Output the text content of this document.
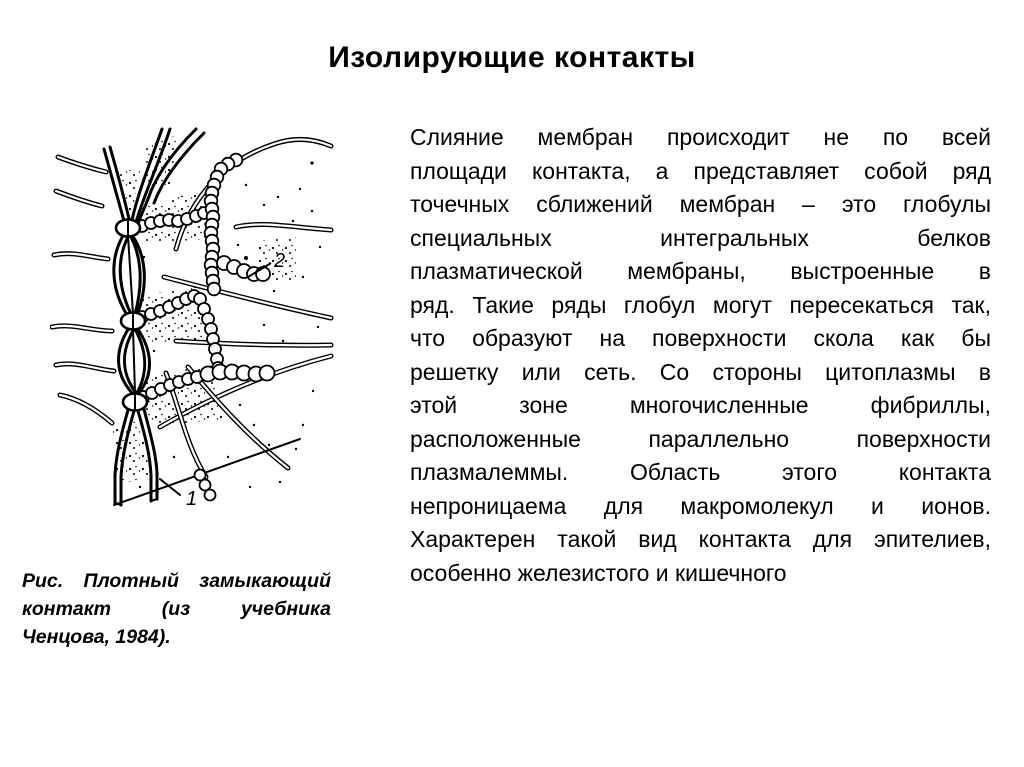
Изолирующие контакты
2
1
Рис. Плотный замыкающий
контакт (из учебника
Ченцова, 1984).
Слияние мембран происходит не по всей
площади контакта, а представляет собой ряд
точечных сближений мембран – это глобулы
специальных интегральных белков
плазматической мембраны, выстроенные в
ряд. Такие ряды глобул могут пересекаться так,
что образуют на поверхности скола как бы
решетку или сеть. Со стороны цитоплазмы в
этой зоне многочисленные фибриллы,
расположенные параллельно поверхности
плазмалеммы. Область этого контакта
непроницаема для макромолекул и ионов.
Характерен такой вид контакта для эпителиев,
особенно железистого и кишечного
